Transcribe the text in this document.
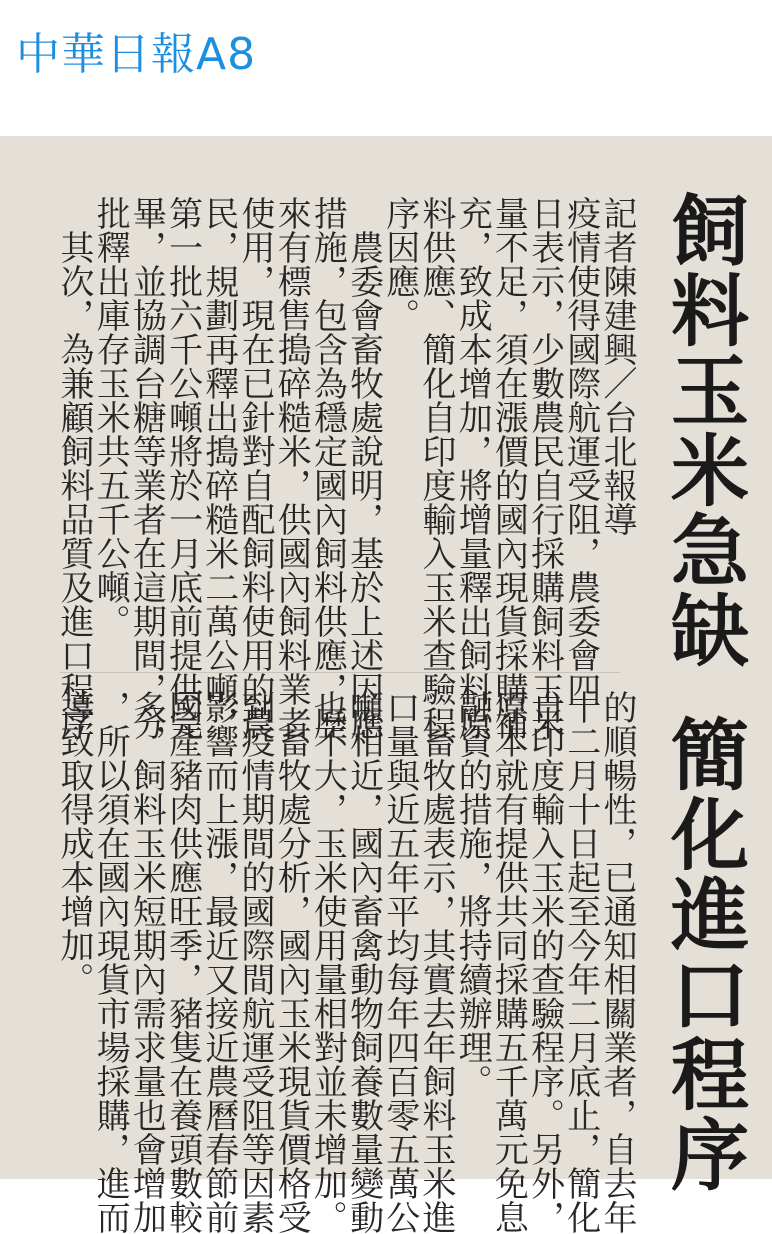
中華日報A8
飼料玉米急缺簡化進口程序
記者陳建興／台北報導
疫情使得國際航運受阻，農委會四
日表示，少數農民自行採購飼料玉米
量不足，須在漲價的國內現貨採購補
充，致成本增加，將增量釋出飼料原
料供應、簡化自印度輸入玉米查驗程
序因應。
　農委會畜牧處說明，基於上述因應
措施，包含為穩定國內飼料供應，歷
來有標售搗碎糙米，供國內飼料業者
使用，現在已針對自配飼料使用的農
民，規劃再釋出搗碎糙米二萬公噸，
第一批六千公噸將於一月底前提供完
畢，並協調台糖等業者在這期間，分
批釋出庫存玉米共五千公噸。
　其次，為兼顧飼料品質及進口程序
的順暢性，已通知相關業者，自去年
十二月十日起至今年二月底止，簡化
自印度輸入玉米的查驗程序。另外，
原本就有提供共同採購五千萬元免息
融資的措施，將持續辦理。
　畜牧處表示，其實去年飼料玉米進
口量與近五年平均每年四百零五萬公
噸相近，國內畜禽動物飼養數量變動
也不大，玉米使用量相對並未增加。
　畜牧處分析，國內玉米現貨價格受
到疫情期間的國際間航運受阻等因素
影響而上漲，最近又接近農曆春節前
國產豬肉供應旺季，豬隻在養頭數較
多，飼料玉米短期內需求量也會增加
，所以須在國內現貨市場採購，進而
導致取得成本增加。
